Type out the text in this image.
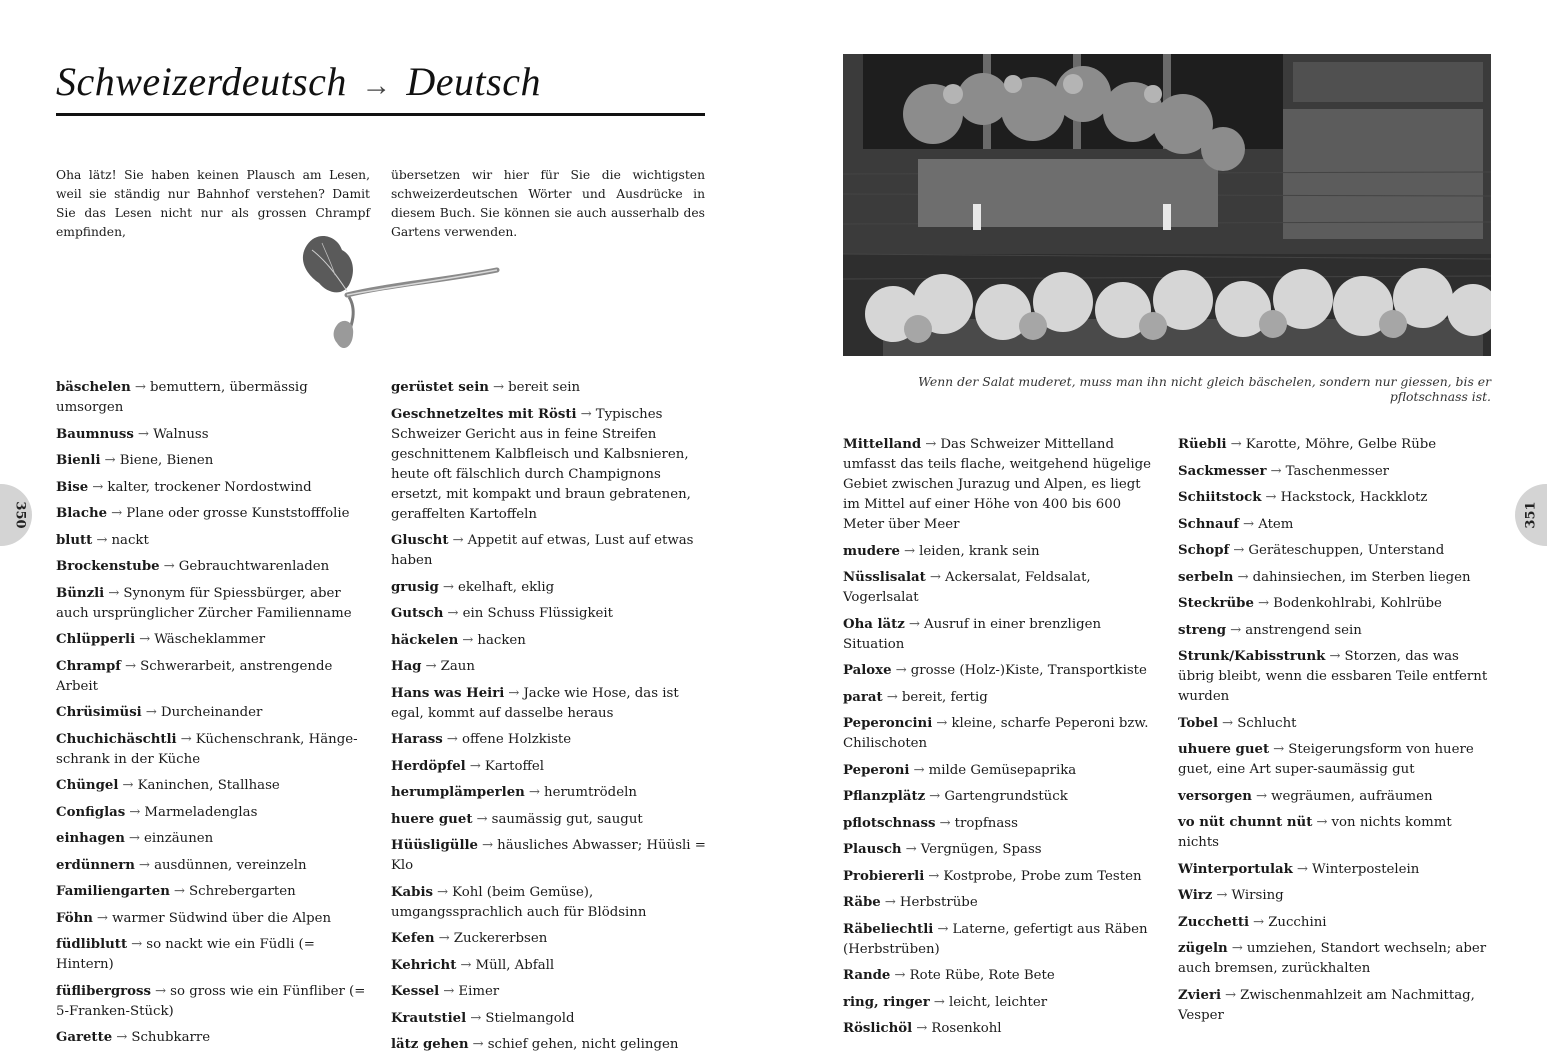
Schweizerdeutsch → Deutsch

Oha lätz! Sie haben keinen Plausch am Lesen, weil sie ständig nur Bahnhof verstehen? Damit Sie das Lesen nicht nur als grossen Chrampf empfinden,

übersetzen wir hier für Sie die wichtigsten schweizerdeutschen Wörter und Ausdrücke in diesem Buch. Sie können sie auch ausserhalb des Gartens verwenden.

bäschelen → bemuttern, übermässig umsorgen

Baumnuss → Walnuss

Bienli → Biene, Bienen

Bise → kalter, trockener Nordostwind

Blache → Plane oder grosse Kunststofffolie

blutt → nackt

Brockenstube → Gebrauchtwarenladen

Bünzli → Synonym für Spiessbürger, aber auch ursprünglicher Zürcher Familienname

Chlüpperli → Wäscheklammer

Chrampf → Schwerarbeit, anstrengende Arbeit

Chrüsimüsi → Durcheinander

Chuchichäschtli → Küchenschrank, Hängeschrank in der Küche

Chüngel → Kaninchen, Stallhase

Configlas → Marmeladenglas

einhagen → einzäunen

erdünnern → ausdünnen, vereinzeln

Familiengarten → Schrebergarten

Föhn → warmer Südwind über die Alpen

füdliblutt → so nackt wie ein Füdli (= Hintern)

füflibergross → so gross wie ein Fünfliber (= 5-Franken-Stück)

Garette → Schubkarre

gerüstet sein → bereit sein

Geschnetzeltes mit Rösti → Typisches Schweizer Gericht aus in feine Streifen geschnittenem Kalbfleisch und Kalbsnieren, heute oft fälschlich durch Champignons ersetzt, mit kompakt und braun gebratenen, geraffelten Kartoffeln

Gluscht → Appetit auf etwas, Lust auf etwas haben

grusig → ekelhaft, eklig

Gutsch → ein Schuss Flüssigkeit

häckelen → hacken

Hag → Zaun

Hans was Heiri → Jacke wie Hose, das ist egal, kommt auf dasselbe heraus

Harass → offene Holzkiste

Herdöpfel → Kartoffel

herumplämperlen → herumtrödeln

huere guet → saumässig gut, saugut

Hüüsligülle → häusliches Abwasser; Hüüsli = Klo

Kabis → Kohl (beim Gemüse), umgangssprachlich auch für Blödsinn

Kefen → Zuckererbsen

Kehricht → Müll, Abfall

Kessel → Eimer

Krautstiel → Stielmangold

lätz gehen → schief gehen, nicht gelingen

350

Wenn der Salat muderet, muss man ihn nicht gleich bäschelen, sondern nur giessen, bis er pflotschnass ist.

Mittelland → Das Schweizer Mittelland umfasst das teils flache, weitgehend hügelige Gebiet zwischen Jurazug und Alpen, es liegt im Mittel auf einer Höhe von 400 bis 600 Meter über Meer

mudere → leiden, krank sein

Nüsslisalat → Ackersalat, Feldsalat, Vogerlsalat

Oha lätz → Ausruf in einer brenzligen Situation

Paloxe → grosse (Holz-)Kiste, Transportkiste

parat → bereit, fertig

Peperoncini → kleine, scharfe Peperoni bzw. Chilischoten

Peperoni → milde Gemüsepaprika

Pflanzplätz → Gartengrundstück

pflotschnass → tropfnass

Plausch → Vergnügen, Spass

Probiererli → Kostprobe, Probe zum Testen

Räbe → Herbstrübe

Räbeliechtli → Laterne, gefertigt aus Räben (Herbstrüben)

Rande → Rote Rübe, Rote Bete

ring, ringer → leicht, leichter

Röslichöl → Rosenkohl

Rüebli → Karotte, Möhre, Gelbe Rübe

Sackmesser → Taschenmesser

Schiitstock → Hackstock, Hackklotz

Schnauf → Atem

Schopf → Geräteschuppen, Unterstand

serbeln → dahinsiechen, im Sterben liegen

Steckrübe → Bodenkohlrabi, Kohlrübe

streng → anstrengend sein

Strunk/Kabisstrunk → Storzen, das was übrig bleibt, wenn die essbaren Teile entfernt wurden

Tobel → Schlucht

uhuere guet → Steigerungsform von huere guet, eine Art super-saumässig gut

versorgen → wegräumen, aufräumen

vo nüt chunnt nüt → von nichts kommt nichts

Winterportulak → Winterpostelein

Wirz → Wirsing

Zucchetti → Zucchini

zügeln → umziehen, Standort wechseln; aber auch bremsen, zurückhalten

Zvieri → Zwischenmahlzeit am Nachmittag, Vesper

351
